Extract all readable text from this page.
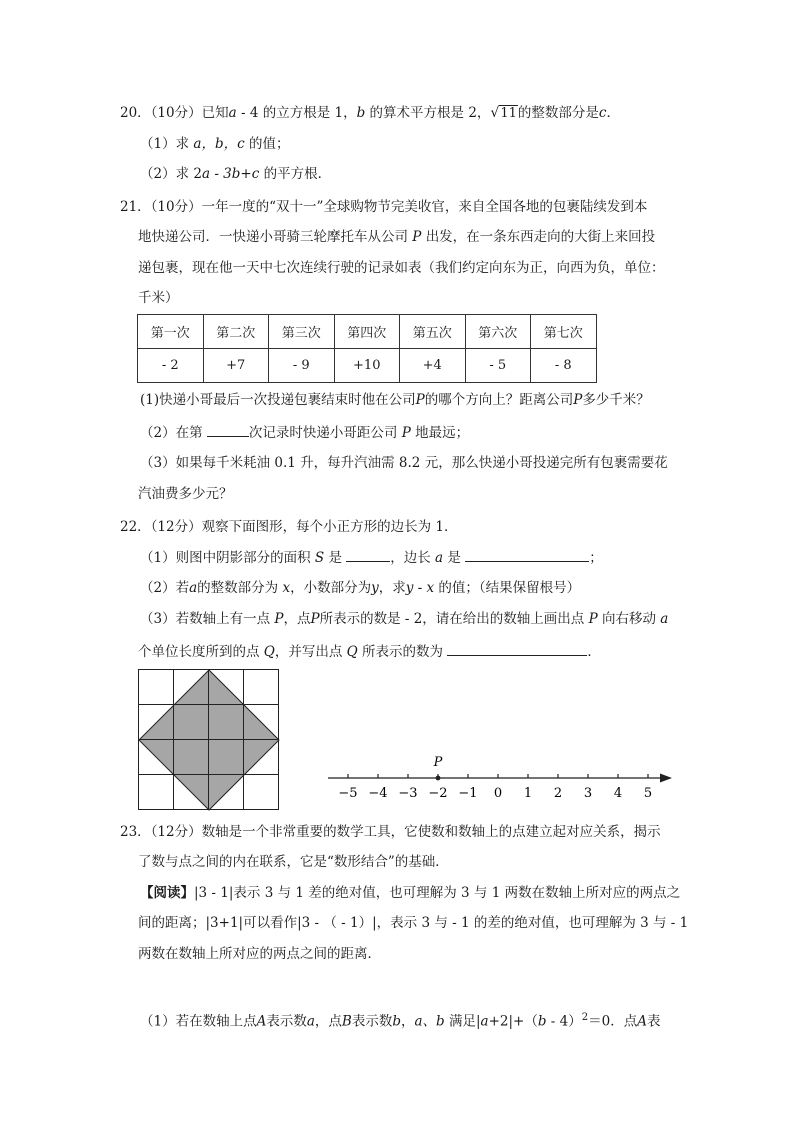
20．（10分）已知a - 4 的立方根是 1，b 的算术平方根是 2，√11的整数部分是c．
（1）求 a，b，c 的值；
（2）求 2a - 3b+c 的平方根．
21．（10分）一年一度的“双十一”全球购物节完美收官，来自全国各地的包裹陆续发到本
地快递公司．一快递小哥骑三轮摩托车从公司 P 出发，在一条东西走向的大街上来回投
递包裹，现在他一天中七次连续行驶的记录如表（我们约定向东为正，向西为负，单位：
千米）
第一次	第二次	第三次	第四次	第五次	第六次	第七次
- 2	+7	- 9	+10	+4	- 5	- 8
(1)快递小哥最后一次投递包裹结束时他在公司P的哪个方向上？距离公司P多少千米？
（2）在第	次记录时快递小哥距公司 P 地最远；
（3）如果每千米耗油 0.1 升，每升汽油需 8.2 元，那么快递小哥投递完所有包裹需要花
汽油费多少元？
22．（12分）观察下面图形，每个小正方形的边长为 1．
（1）则图中阴影部分的面积 S 是	，边长 a 是	；
（2）若a的整数部分为 x，小数部分为y，求y - x 的值；（结果保留根号）
（3）若数轴上有一点 P，点P所表示的数是 - 2，请在给出的数轴上画出点 P 向右移动 a
个单位长度所到的点 Q，并写出点 Q 所表示的数为	．
−5 −4 −3 −2 −1 0 1 2 3 4 5
P
23．（12分）数轴是一个非常重要的数学工具，它使数和数轴上的点建立起对应关系，揭示
了数与点之间的内在联系，它是“数形结合”的基础．
【阅读】|3 - 1|表示 3 与 1 差的绝对值，也可理解为 3 与 1 两数在数轴上所对应的两点之
间的距离；|3+1|可以看作|3 - （ - 1）|，表示 3 与 - 1 的差的绝对值，也可理解为 3 与 - 1
两数在数轴上所对应的两点之间的距离．
（1）若在数轴上点A表示数a，点B表示数b，a、b 满足|a+2|+（b - 4）$^2$＝0．点A表
